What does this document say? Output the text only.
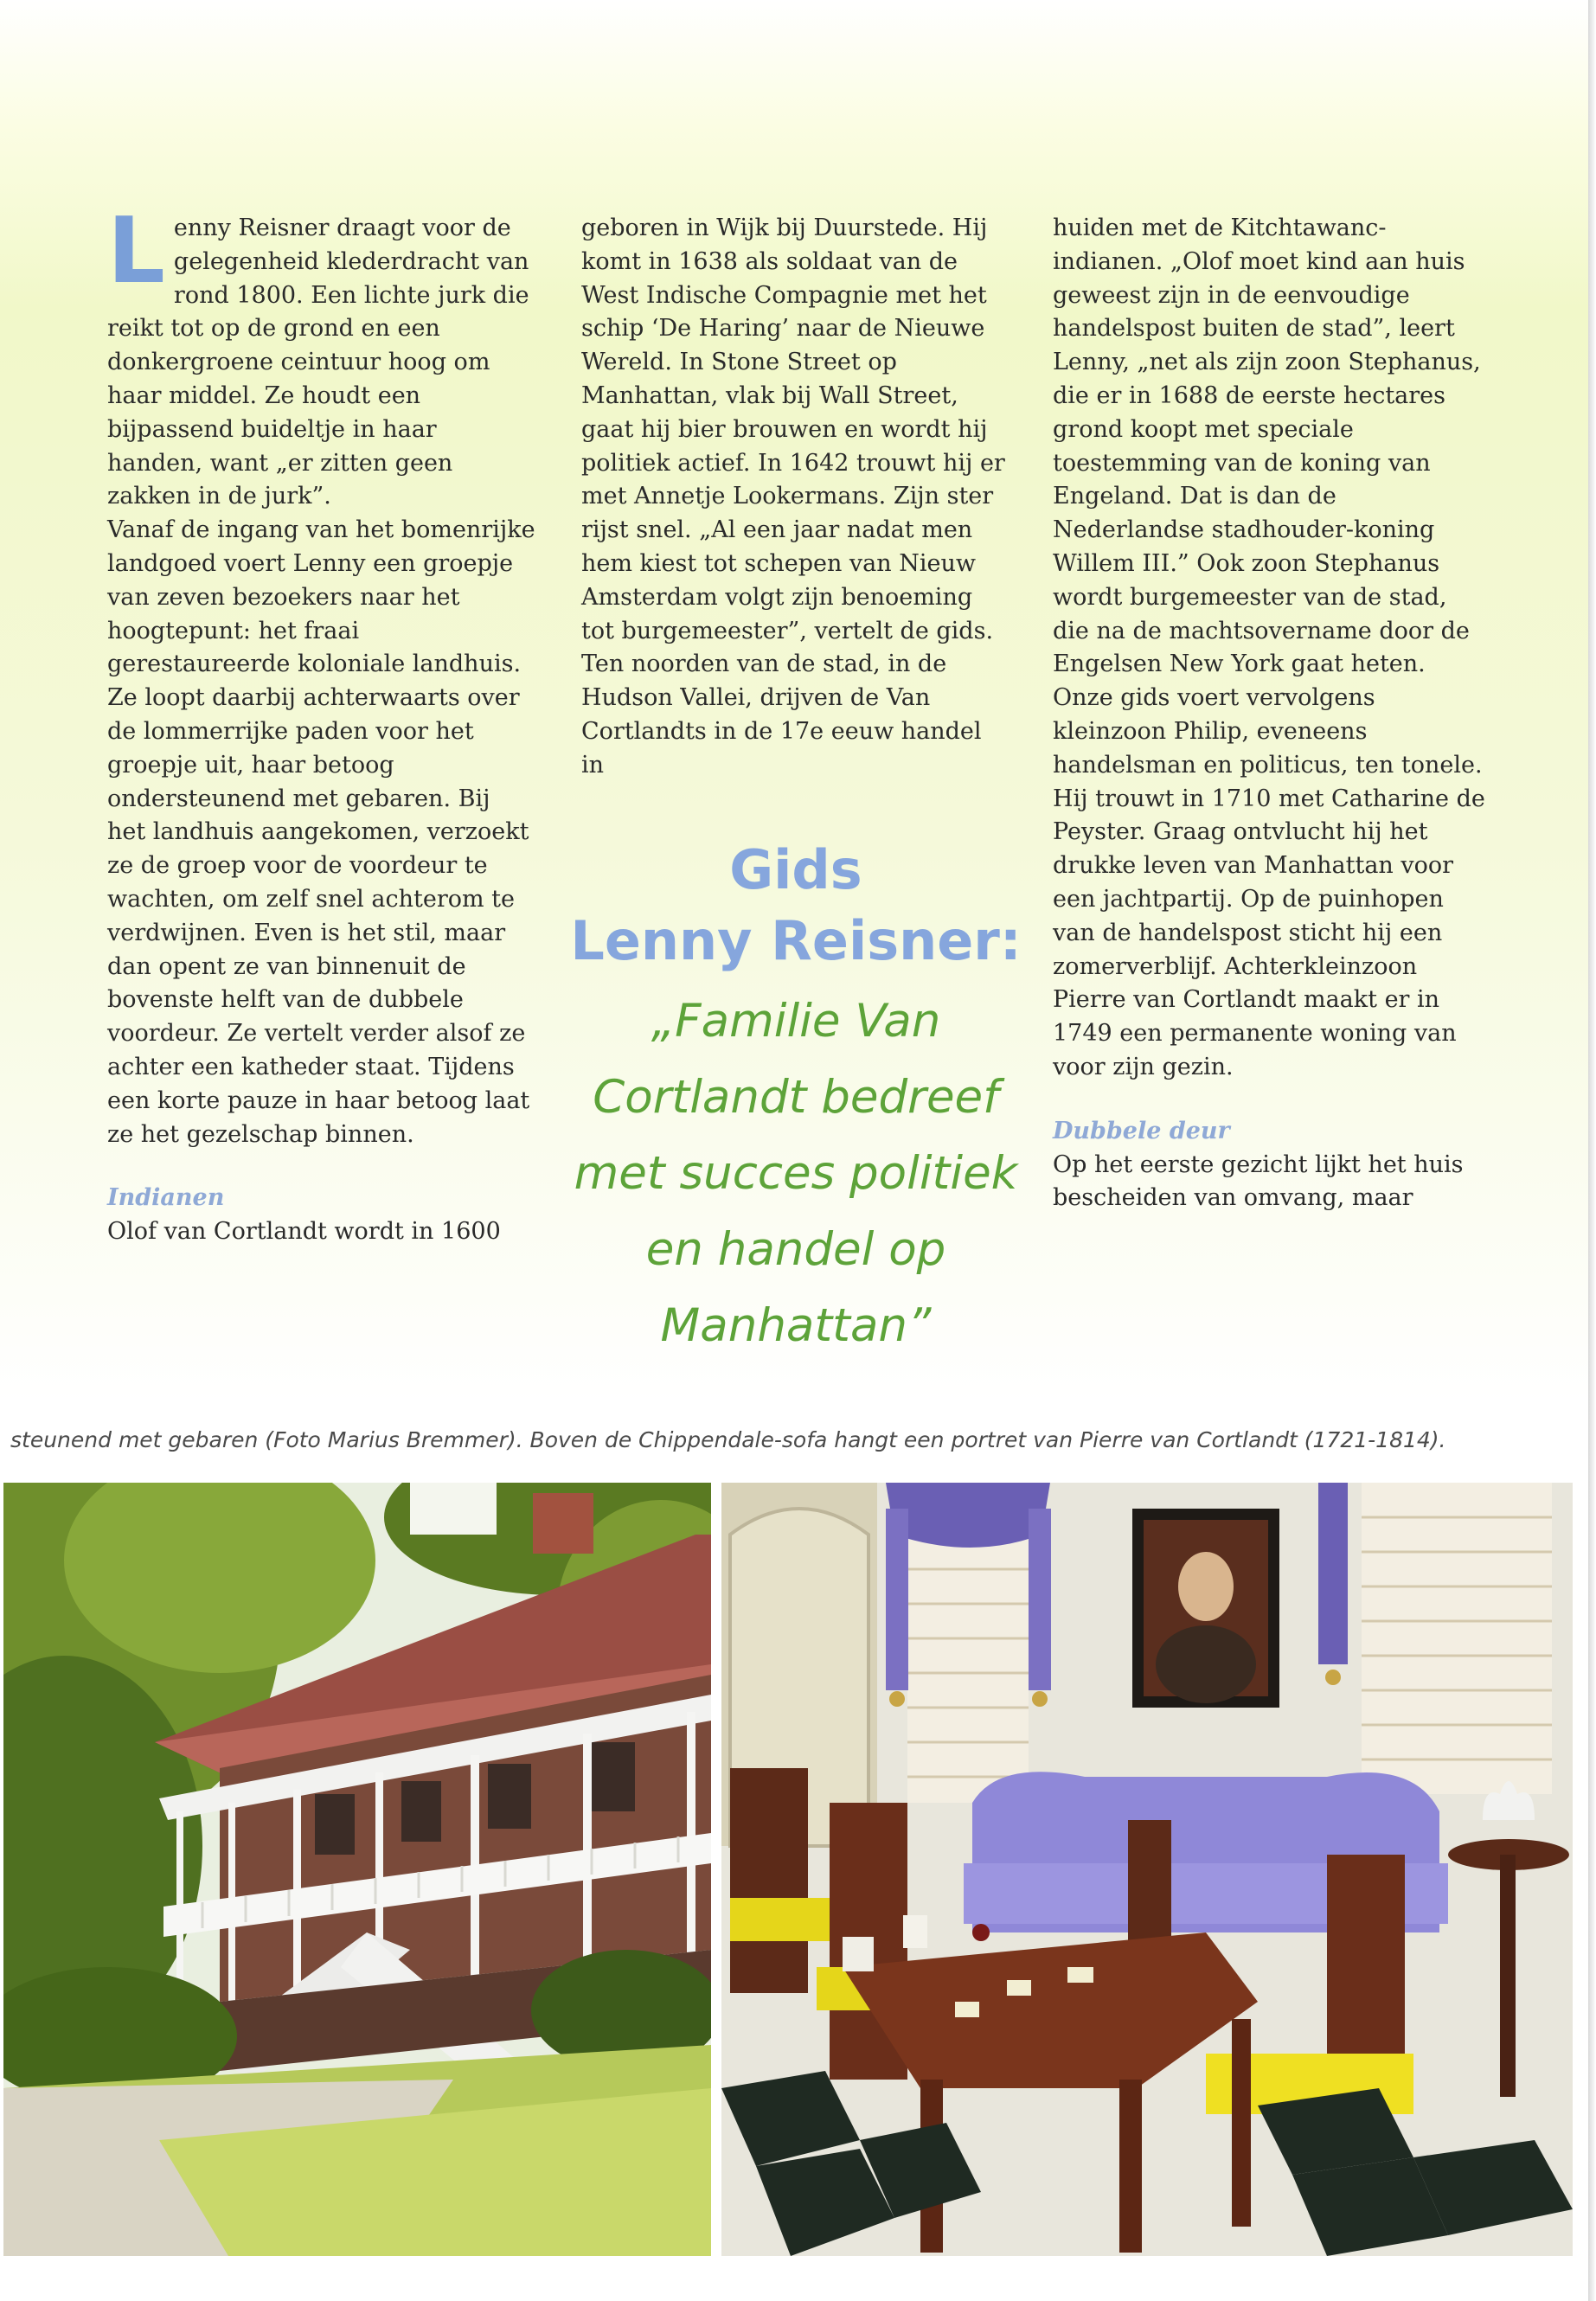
L enny Reisner draagt voor de gelegenheid klederdracht van rond 1800. Een lichte jurk die reikt tot op de grond en een donkergroene ceintuur hoog om haar middel. Ze houdt een bijpassend buideltje in haar handen, want „er zitten geen zakken in de jurk”.

Vanaf de ingang van het bomenrijke landgoed voert Lenny een groepje van zeven bezoekers naar het hoogtepunt: het fraai gerestaureerde koloniale landhuis. Ze loopt daarbij achterwaarts over de lommerrijke paden voor het groepje uit, haar betoog ondersteunend met gebaren. Bij het landhuis aangekomen, verzoekt ze de groep voor de voordeur te wachten, om zelf snel achterom te verdwijnen. Even is het stil, maar dan opent ze van binnenuit de bovenste helft van de dubbele voordeur. Ze vertelt verder alsof ze achter een katheder staat. Tijdens een korte pauze in haar betoog laat ze het gezelschap binnen.

Indianen

Olof van Cortlandt wordt in 1600

geboren in Wijk bij Duurstede. Hij komt in 1638 als soldaat van de West Indische Compagnie met het schip ‘De Haring’ naar de Nieuwe Wereld. In Stone Street op Manhattan, vlak bij Wall Street, gaat hij bier brouwen en wordt hij politiek actief. In 1642 trouwt hij er met Annetje Lookermans. Zijn ster rijst snel. „Al een jaar nadat men hem kiest tot schepen van Nieuw Amsterdam volgt zijn benoeming tot burgemeester”, vertelt de gids. Ten noorden van de stad, in de Hudson Vallei, drijven de Van Cortlandts in de 17e eeuw handel in

Gids
Lenny Reisner:
„Familie Van Cortlandt bedreef met succes politiek en handel op Manhattan”

huiden met de Kitchtawanc-indianen. „Olof moet kind aan huis geweest zijn in de eenvoudige handelspost buiten de stad”, leert Lenny, „net als zijn zoon Stephanus, die er in 1688 de eerste hectares grond koopt met speciale toestemming van de koning van Engeland. Dat is dan de Nederlandse stadhouder-koning Willem III.” Ook zoon Stephanus wordt burgemeester van de stad, die na de machtsovername door de Engelsen New York gaat heten.

Onze gids voert vervolgens kleinzoon Philip, eveneens handelsman en politicus, ten tonele. Hij trouwt in 1710 met Catharine de Peyster. Graag ontvlucht hij het drukke leven van Manhattan voor een jachtpartij. Op de puinhopen van de handelspost sticht hij een zomerverblijf. Achterkleinzoon Pierre van Cortlandt maakt er in 1749 een permanente woning van voor zijn gezin.

Dubbele deur

Op het eerste gezicht lijkt het huis bescheiden van omvang, maar

steunend met gebaren (Foto Marius Bremmer). Boven de Chippendale-sofa hangt een portret van Pierre van Cortlandt (1721-1814).
